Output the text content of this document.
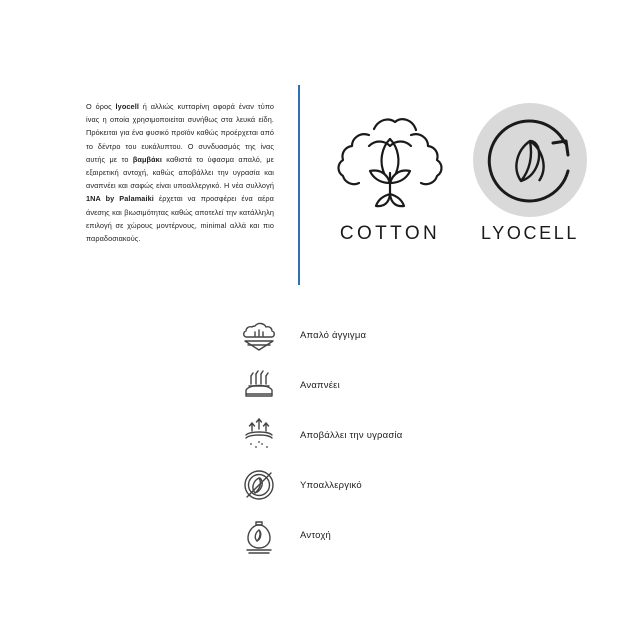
Ο όρος lyocell ή αλλιώς κυτταρίνη αφορά έναν τύπο ίνας η οποία χρησιμοποιείται συνήθως στα λευκά είδη. Πρόκειται για ένα φυσικό προϊόν καθώς προέρχεται από το δέντρο του ευκάλυπτου. Ο συνδυασμός της ίνας αυτής με το βαμβάκι καθιστά το ύφασμα απαλό, με εξαιρετική αντοχή, καθώς αποβάλλει την υγρασία και αναπνέει και σαφώς είναι υποαλλεργικό. Η νέα συλλογή 1NA by Palamaiki έρχεται να προσφέρει ένα αέρα άνεσης και βιωσιμότητας καθώς αποτελεί την κατάλληλη επιλογή σε χώρους μοντέρνους, minimal αλλά και πιο παραδοσιακούς.	COTTON	LYOCELL
Απαλό άγγιγμα
Αναπνέει
Αποβάλλει την υγρασία
Υποαλλεργικό
Αντοχή
